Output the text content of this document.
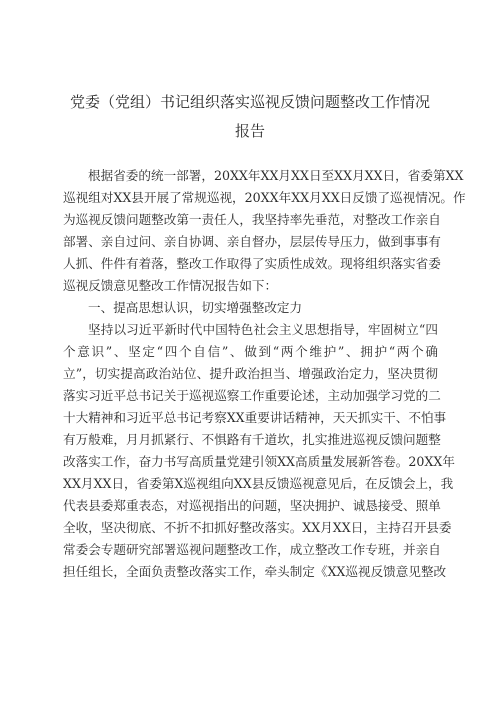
党委（党组）书记组织落实巡视反馈问题整改工作情况
报告
根据省委的统一部署，20XX年XX月XX日至XX月XX日，省委第XX
巡视组对XX县开展了常规巡视，20XX年XX月XX日反馈了巡视情况。作
为巡视反馈问题整改第一责任人，我坚持率先垂范，对整改工作亲自
部署、亲自过问、亲自协调、亲自督办，层层传导压力，做到事事有
人抓、件件有着落，整改工作取得了实质性成效。现将组织落实省委
巡视反馈意见整改工作情况报告如下：
一、提高思想认识，切实增强整改定力
坚持以习近平新时代中国特色社会主义思想指导，牢固树立“四
个意识”、坚定“四个自信”、做到“两个维护”、拥护“两个确
立”，切实提高政治站位、提升政治担当、增强政治定力，坚决贯彻
落实习近平总书记关于巡视巡察工作重要论述，主动加强学习党的二
十大精神和习近平总书记考察XX重要讲话精神，天天抓实干、不怕事
有万般难，月月抓紧行、不惧路有千道坎，扎实推进巡视反馈问题整
改落实工作，奋力书写高质量党建引领XX高质量发展新答卷。20XX年
XX月XX日，省委第X巡视组向XX县反馈巡视意见后，在反馈会上，我
代表县委郑重表态，对巡视指出的问题，坚决拥护、诚恳接受、照单
全收，坚决彻底、不折不扣抓好整改落实。XX月XX日，主持召开县委
常委会专题研究部署巡视问题整改工作，成立整改工作专班，并亲自
担任组长，全面负责整改落实工作，牵头制定《XX巡视反馈意见整改
